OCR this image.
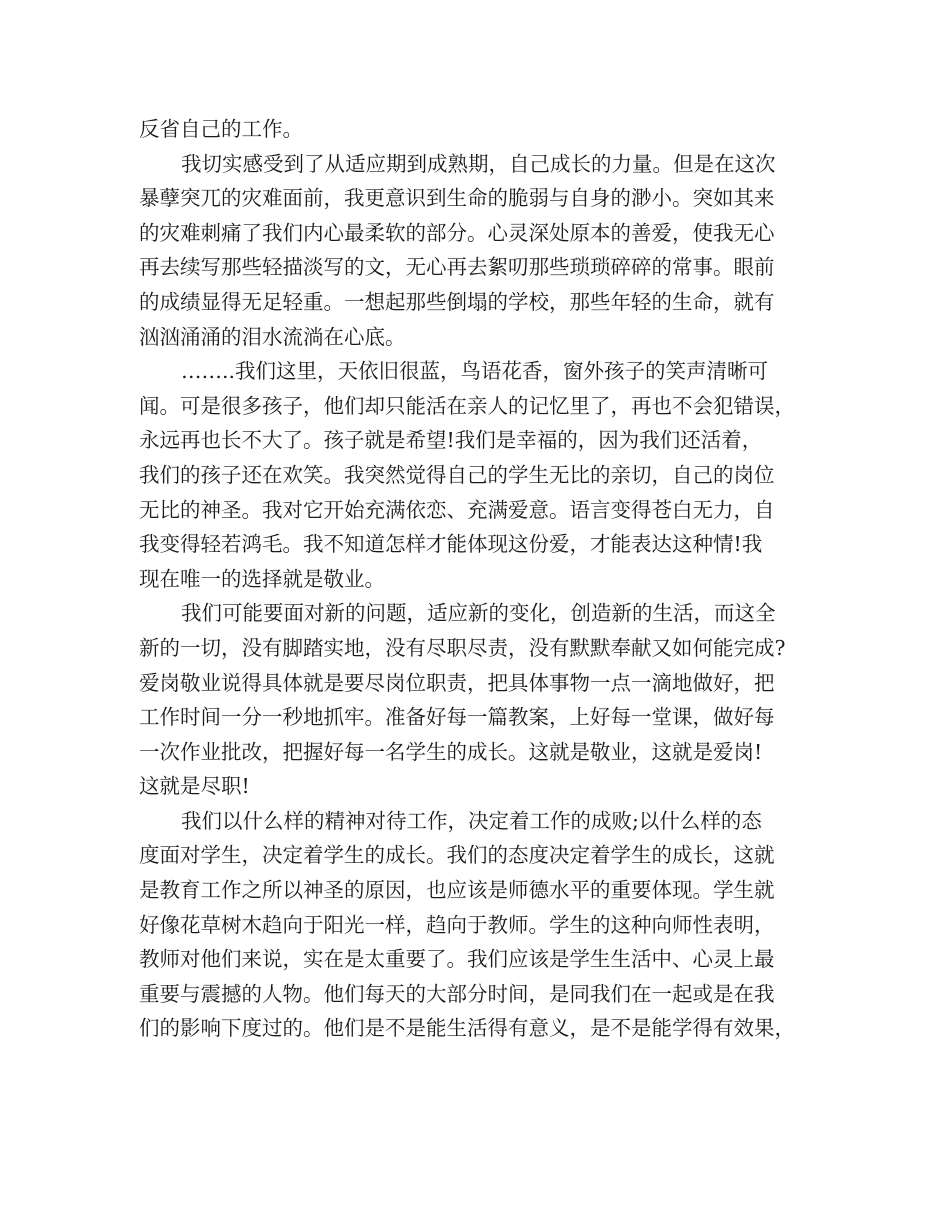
反省自己的工作。
我切实感受到了从适应期到成熟期，自己成长的力量。但是在这次
暴孽突兀的灾难面前，我更意识到生命的脆弱与自身的渺小。突如其来
的灾难刺痛了我们内心最柔软的部分。心灵深处原本的善爱，使我无心
再去续写那些轻描淡写的文，无心再去絮叨那些琐琐碎碎的常事。眼前
的成绩显得无足轻重。一想起那些倒塌的学校，那些年轻的生命，就有
汹汹涌涌的泪水流淌在心底。
……..我们这里，天依旧很蓝，鸟语花香，窗外孩子的笑声清晰可
闻。可是很多孩子，他们却只能活在亲人的记忆里了，再也不会犯错误，
永远再也长不大了。孩子就是希望!我们是幸福的，因为我们还活着，
我们的孩子还在欢笑。我突然觉得自己的学生无比的亲切，自己的岗位
无比的神圣。我对它开始充满依恋、充满爱意。语言变得苍白无力，自
我变得轻若鸿毛。我不知道怎样才能体现这份爱，才能表达这种情!我
现在唯一的选择就是敬业。
我们可能要面对新的问题，适应新的变化，创造新的生活，而这全
新的一切，没有脚踏实地，没有尽职尽责，没有默默奉献又如何能完成?
爱岗敬业说得具体就是要尽岗位职责，把具体事物一点一滴地做好，把
工作时间一分一秒地抓牢。准备好每一篇教案，上好每一堂课，做好每
一次作业批改，把握好每一名学生的成长。这就是敬业，这就是爱岗!
这就是尽职!
我们以什么样的精神对待工作，决定着工作的成败;以什么样的态
度面对学生，决定着学生的成长。我们的态度决定着学生的成长，这就
是教育工作之所以神圣的原因，也应该是师德水平的重要体现。学生就
好像花草树木趋向于阳光一样，趋向于教师。学生的这种向师性表明，
教师对他们来说，实在是太重要了。我们应该是学生生活中、心灵上最
重要与震撼的人物。他们每天的大部分时间，是同我们在一起或是在我
们的影响下度过的。他们是不是能生活得有意义，是不是能学得有效果，
